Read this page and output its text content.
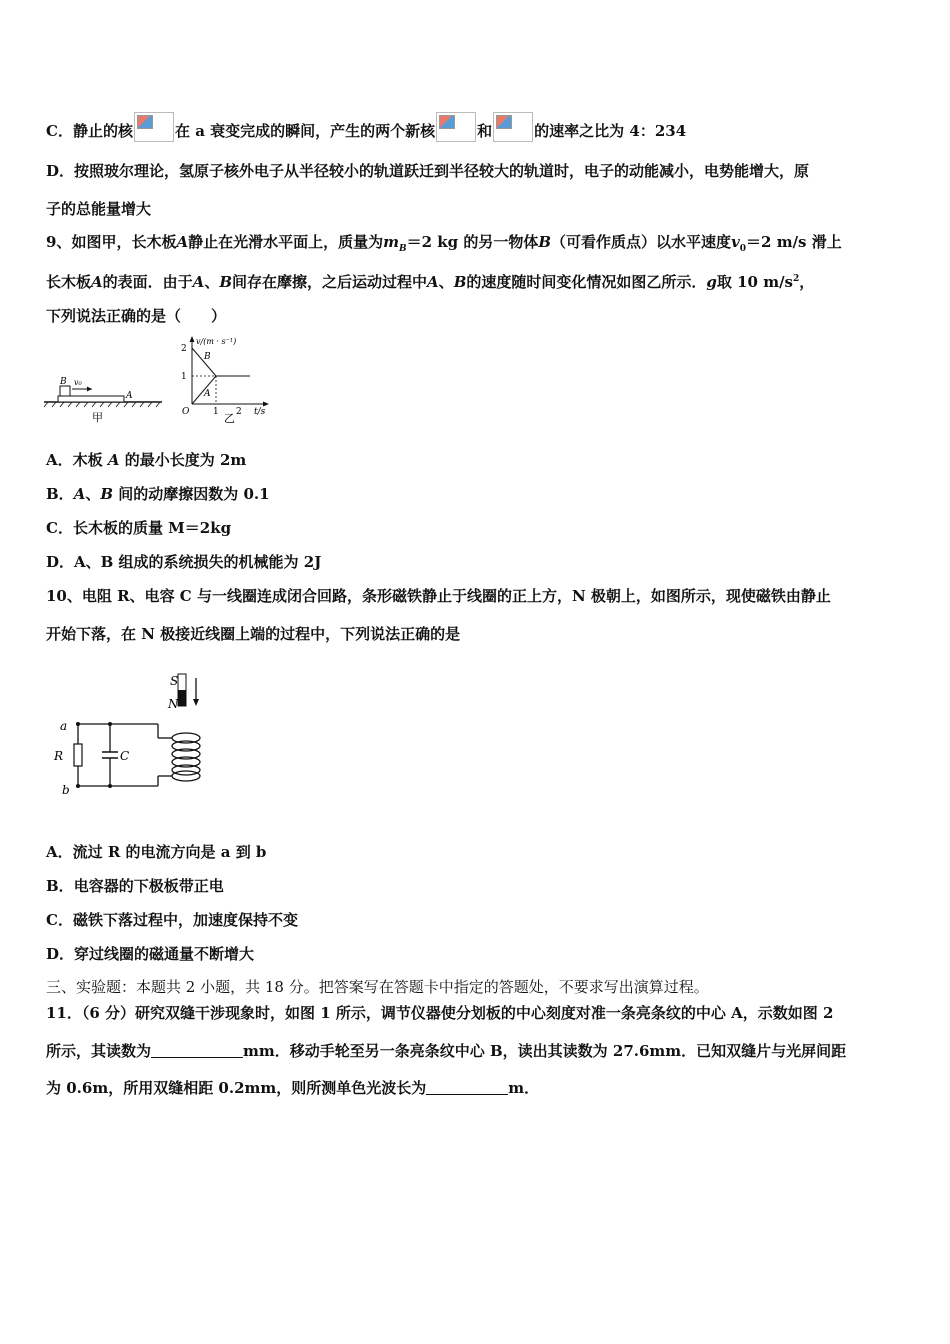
C．静止的核	在 a 衰变完成的瞬间，产生的两个新核	和	的速率之比为 4：234
D．按照玻尔理论，氢原子核外电子从半径较小的轨道跃迁到半径较大的轨道时，电子的动能减小，电势能增大，原
子的总能量增大
9、如图甲，长木板A静止在光滑水平面上，质量为$m_B=2$ kg 的另一物体B（可看作质点）以水平速度$v_0=2$ m/s 滑上
长木板A的表面．由于A、B间存在摩擦，之后运动过程中A、B的速度随时间变化情况如图乙所示．g取 10 $m/s^2$，
下列说法正确的是（　　）
B v₀
A
甲
v/(m · s⁻¹)
2
1
O	1 2 t/s
B
A
乙
A．木板 A 的最小长度为 2m
B．A、B 间的动摩擦因数为 0.1
C．长木板的质量 M＝2kg
D．A、B 组成的系统损失的机械能为 2J
10、电阻 R、电容 C 与一线圈连成闭合回路，条形磁铁静止于线圈的正上方，N 极朝上，如图所示，现使磁铁由静止
开始下落，在 N 极接近线圈上端的过程中，下列说法正确的是
S
N
R	C
a
b
A．流过 R 的电流方向是 a 到 b
B．电容器的下极板带正电
C．磁铁下落过程中，加速度保持不变
D．穿过线圈的磁通量不断增大
三、实验题：本题共 2 小题，共 18 分。把答案写在答题卡中指定的答题处，不要求写出演算过程。
11．（6 分）研究双缝干涉现象时，如图 1 所示，调节仪器使分划板的中心刻度对准一条亮条纹的中心 A，示数如图 2
所示，其读数为	mm．移动手轮至另一条亮条纹中心 B，读出其读数为 27.6mm．已知双缝片与光屏间距
为 0.6m，所用双缝相距 0.2mm，则所测单色光波长为	m．
